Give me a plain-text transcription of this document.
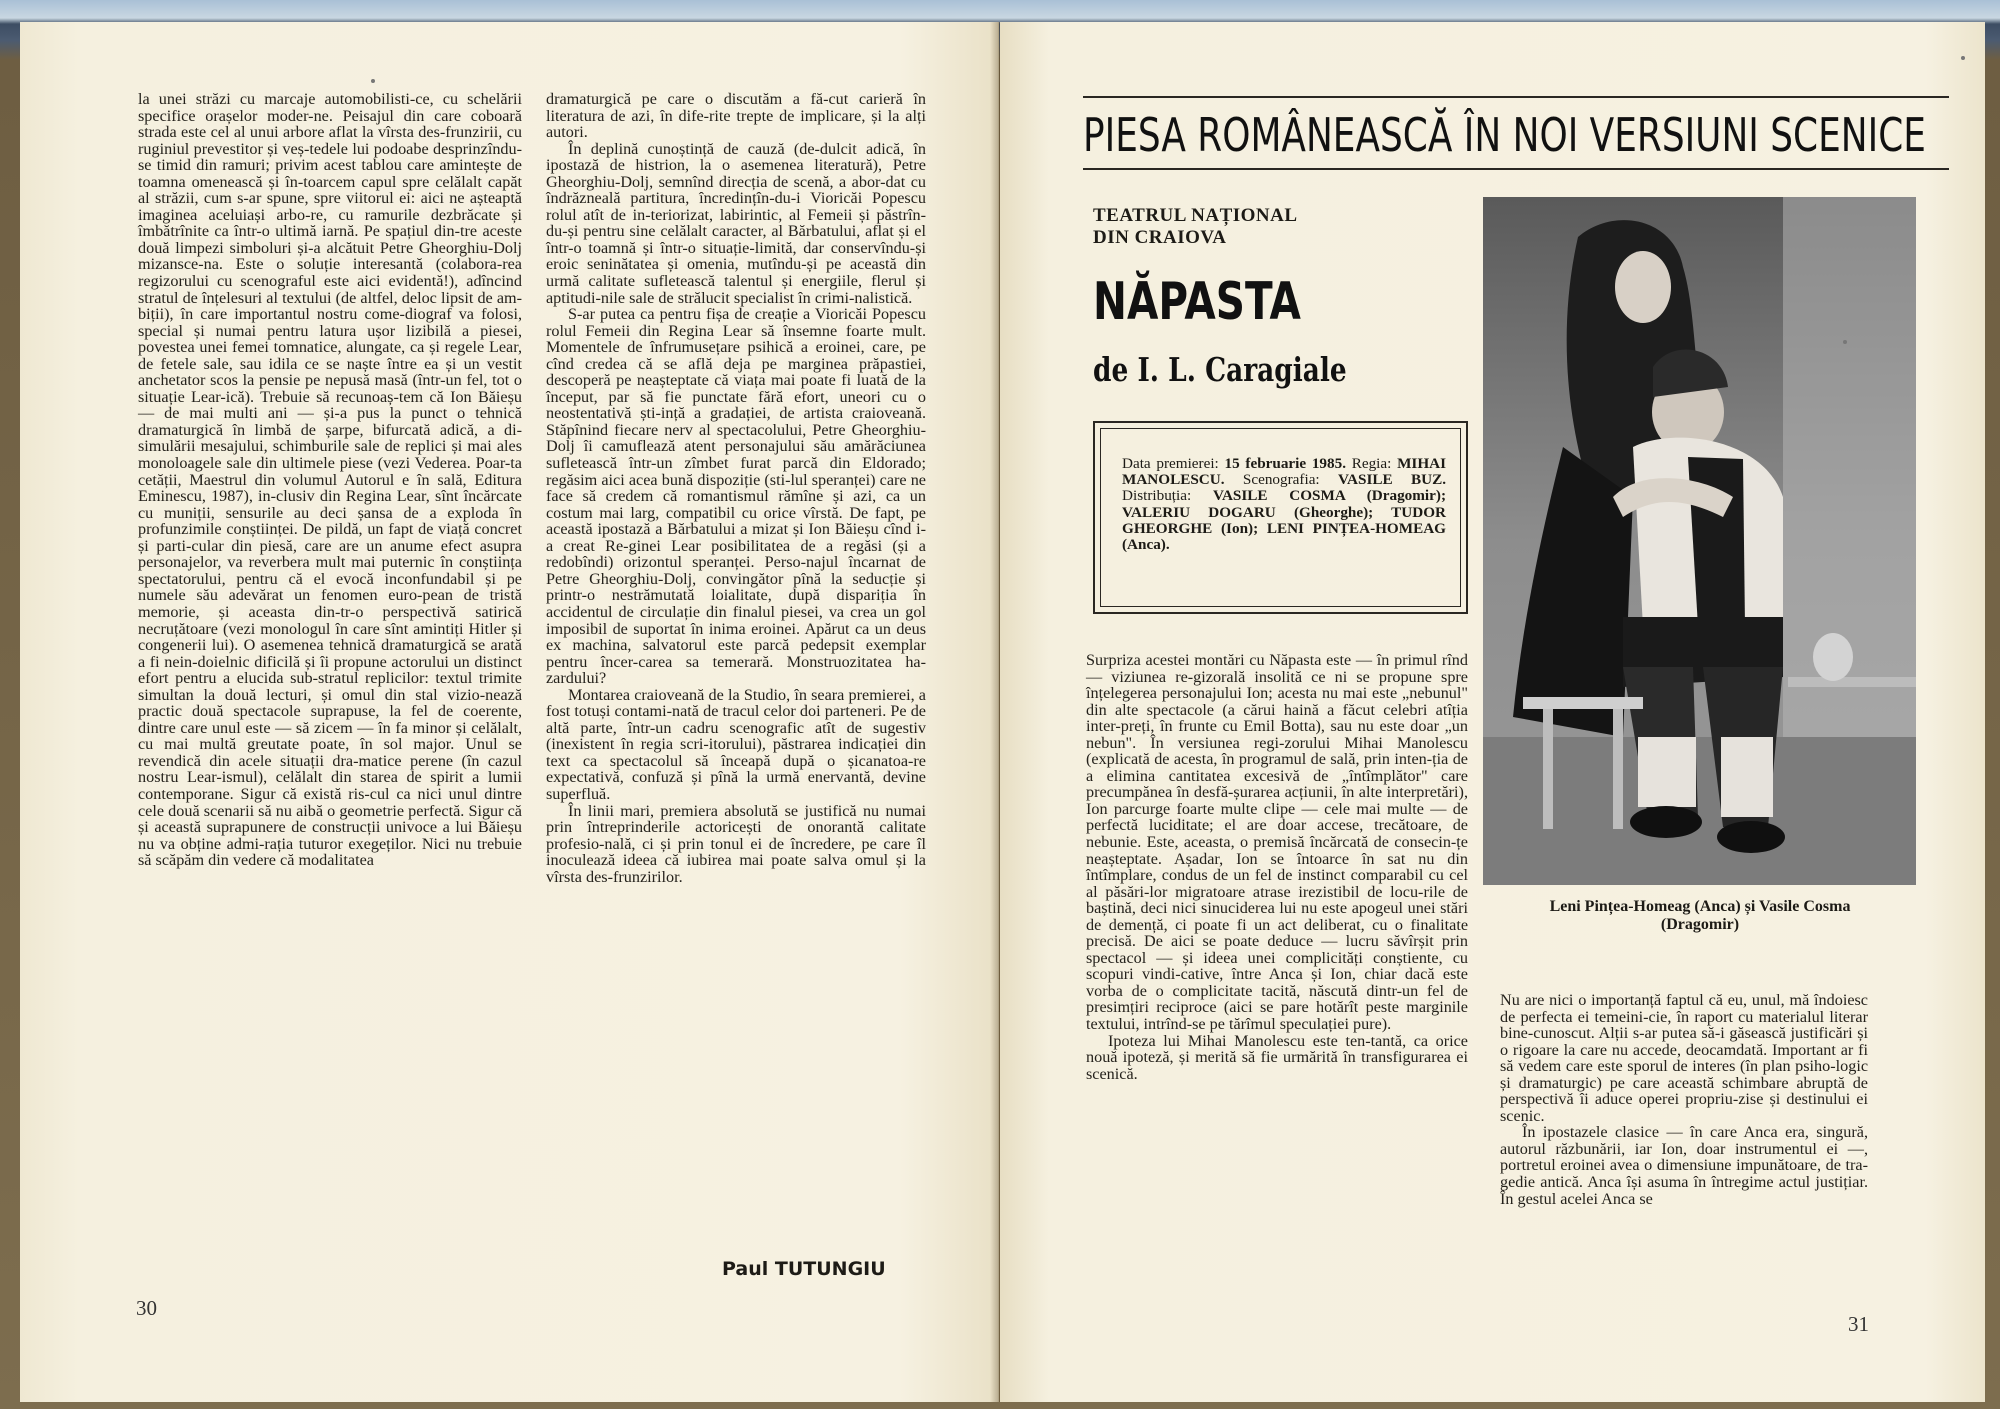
la unei străzi cu marcaje automobilisti-ce, cu schelării specifice orașelor moder-ne. Peisajul din care coboară strada este cel al unui arbore aflat la vîrsta des-frunzirii, cu ruginiul prevestitor și veș-tedele lui podoabe desprinzîndu-se timid din ramuri; privim acest tablou care amintește de toamna omenească și în-toarcem capul spre celălalt capăt al străzii, cum s-ar spune, spre viitorul ei: aici ne așteaptă imaginea aceluiași arbo-re, cu ramurile dezbrăcate și îmbătrînite ca într-o ultimă iarnă. Pe spațiul din-tre aceste două limpezi simboluri și-a alcătuit Petre Gheorghiu-Dolj mizanscе-na. Este o soluție interesantă (colabora-rea regizorului cu scenograful este aici evidentă!), adîncind stratul de înțelesuri al textului (de altfel, deloc lipsit de am-biții), în care importantul nostru come-diograf va folosi, special și numai pentru latura ușor lizibilă a piesei, povestea unei femei tomnatice, alungate, ca și regele Lear, de fetele sale, sau idila ce se naște între ea și un vestit anchetator scos la pensie pe nepusă masă (într-un fel, tot o situație Lear-ică). Trebuie să recunoaș-tem că Ion Băieșu — de mai multi ani — și-a pus la punct o tehnică dramaturgică în limbă de șarpe, bifurcată adică, a di-simulării mesajului, schimburile sale de replici și mai ales monoloagele sale din ultimele piese (vezi Vederea. Poar-ta cetății, Maestrul din volumul Autorul e în sală, Editura Eminescu, 1987), in-clusiv din Regina Lear, sînt încărcate cu muniții, sensurile au deci șansa de a exploda în profunzimile conștiinței. De pildă, un fapt de viață concret și parti-cular din piesă, care are un anume efect asupra personajelor, va reverbera mult mai puternic în conștiința spectatorului, pentru că el evocă inconfundabil și pe numele său adevărat un fenomen euro-pean de tristă memorie, și aceasta din-tr-o perspectivă satirică necruțătoare (vezi monologul în care sînt amintiți Hitler și congenerii lui). O asemenea tehnică dramaturgică se arată a fi nein-doielnic dificilă și îi propune actorului un distinct efort pentru a elucida sub-stratul replicilor: textul trimite simultan la două lecturi, și omul din stal vizio-nează practic două spectacole suprapuse, la fel de coerente, dintre care unul este — să zicem — în fa minor și celălalt, cu mai multă greutate poate, în sol major. Unul se revendică din acele situații dra-matice perene (în cazul nostru Lear-ismul), celălalt din starea de spirit a lumii contemporane. Sigur că există ris-cul ca nici unul dintre cele două scenarii să nu aibă o geometrie perfectă. Sigur că și această suprapunere de construcții univoce a lui Băieșu nu va obține admi-rația tuturor exegeților. Nici nu trebuie să scăpăm din vedere că modalitatea

dramaturgică pe care o discutăm a fă-cut carieră în literatura de azi, în dife-rite trepte de implicare, și la alți autori.

În deplină cunoștință de cauză (de-dulcit adică, în ipostază de histrion, la o asemenea literatură), Petre Gheorghiu-Dolj, semnînd direcția de scenă, a abor-dat cu îndrăzneală partitura, încredințîn-du-i Vioricăi Popescu rolul atît de in-teriorizat, labirintic, al Femeii și păstrîn-du-și pentru sine celălalt caracter, al Bărbatului, aflat și el într-o toamnă și într-o situație-limită, dar conservîndu-și eroic seninătatea și omenia, mutîndu-și pe această din urmă calitate sufletească talentul și energiile, flerul și aptitudi-nile sale de strălucit specialist în crimi-nalistică.

S-ar putea ca pentru fișa de creație a Vioricăi Popescu rolul Femeii din Regina Lear să însemne foarte mult. Momentele de înfrumusețare psihică a eroinei, care, pe cînd credea că se află deja pe marginea prăpastiei, descoperă pe neașteptate că viața mai poate fi luată de la început, par să fie punctate fără efort, uneori cu o neostentativă ști-ință a gradației, de artista craioveană. Stăpînind fiecare nerv al spectacolului, Petre Gheorghiu-Dolj îi camuflează atent personajului său amărăciunea sufletească într-un zîmbet furat parcă din Eldorado; regăsim aici acea bună dispoziție (sti-lul speranței) care ne face să credem că romantismul rămîne și azi, ca un costum mai larg, compatibil cu orice vîrstă. De fapt, pe această ipostază a Bărbatului a mizat și Ion Băieșu cînd i-a creat Re-ginei Lear posibilitatea de a regăsi (și a redobîndi) orizontul speranței. Perso-najul încarnat de Petre Gheorghiu-Dolj, convingător pînă la seducție și printr-o nestrămutată loialitate, după dispariția în accidentul de circulație din finalul piesei, va crea un gol imposibil de suportat în inima eroinei. Apărut ca un deus ex machina, salvatorul este parcă pedepsit exemplar pentru încer-carea sa temerară. Monstruozitatea ha-zardului?

Montarea craioveană de la Studio, în seara premierei, a fost totuși contami-nată de tracul celor doi parteneri. Pe de altă parte, într-un cadru scenografic atît de sugestiv (inexistent în regia scri-itorului), păstrarea indicației din text ca spectacolul să înceapă după o șicanatoa-re expectativă, confuză și pînă la urmă enervantă, devine superfluă.

În linii mari, premiera absolută se justifică nu numai prin întreprinderile actoricești de onorantă calitate profesio-nală, ci și prin tonul ei de încredere, pe care îl inoculează ideea că iubirea mai poate salva omul și la vîrsta des-frunzirilor.

30
Paul TUTUNGIU

Surpriza acestei montări cu Năpasta este — în primul rînd — viziunea re-gizorală insolită ce ni se propune spre înțelegerea personajului Ion; acesta nu mai este „nebunul" din alte spectacole (a cărui haină a făcut celebri atîția inter-preți, în frunte cu Emil Botta), sau nu este doar „un nebun". În versiunea regi-zorului Mihai Manolescu (explicată de acesta, în programul de sală, prin inten-ția de a elimina cantitatea excesivă de „întîmplător" care precumpănea în desfă-șurarea acțiunii, în alte interpretări), Ion parcurge foarte multe clipe — cele mai multe — de perfectă luciditate; el are doar accese, trecătoare, de nebunie. Este, aceasta, o premisă încărcată de consecin-țe neașteptate. Așadar, Ion se întoarce în sat nu din întîmplare, condus de un fel de instinct comparabil cu cel al păsări-lor migratoare atrase irezistibil de locu-rile de baștină, deci nici sinuciderea lui nu este apogeul unei stări de demență, ci poate fi un act deliberat, cu o finalitate precisă. De aici se poate deduce — lucru săvîrșit prin spectacol — și ideea unei complicități conștiente, cu scopuri vindi-cative, între Anca și Ion, chiar dacă este vorba de o complicitate tacită, născută dintr-un fel de presimțiri reciproce (aici se pare hotărît peste marginile textului, intrînd-se pe tărîmul speculației pure).

Ipoteza lui Mihai Manolescu este ten-tantă, ca orice nouă ipoteză, și merită să fie urmărită în transfigurarea ei scenică.

Nu are nici o importanță faptul că eu, unul, mă îndoiesc de perfecta ei temeini-cie, în raport cu materialul literar bine-cunoscut. Alții s-ar putea să-i găsească justificări și o rigoare la care nu accede, deocamdată. Important ar fi să vedem care este sporul de interes (în plan psiho-logic și dramaturgic) pe care această schimbare abruptă de perspectivă îi aduce operei propriu-zise și destinului ei scenic.

În ipostazele clasice — în care Anca era, singură, autorul răzbunării, iar Ion, doar instrumentul ei —, portretul eroinei avea o dimensiune impunătoare, de tra-gedie antică. Anca își asuma în întregime actul justițiar. În gestul acelei Anca se

31
PIESA ROMÂNEASCĂ ÎN NOI VERSIUNI SCENICE
TEATRUL NAȚIONAL
DIN CRAIOVA
NĂPASTA
de I. L. Caragiale
Data premierei: 15 februarie 1985. Regia: MIHAI MANOLESCU. Scenografia: VASILE BUZ. Distribuția: VASILE COSMA (Dragomir); VALERIU DOGARU (Gheorghe); TUDOR GHEORGHE (Ion); LENI PINȚEA-HOMEAG (Anca).
Leni Pințea-Homeag (Anca) și Vasile Cosma (Dragomir)
